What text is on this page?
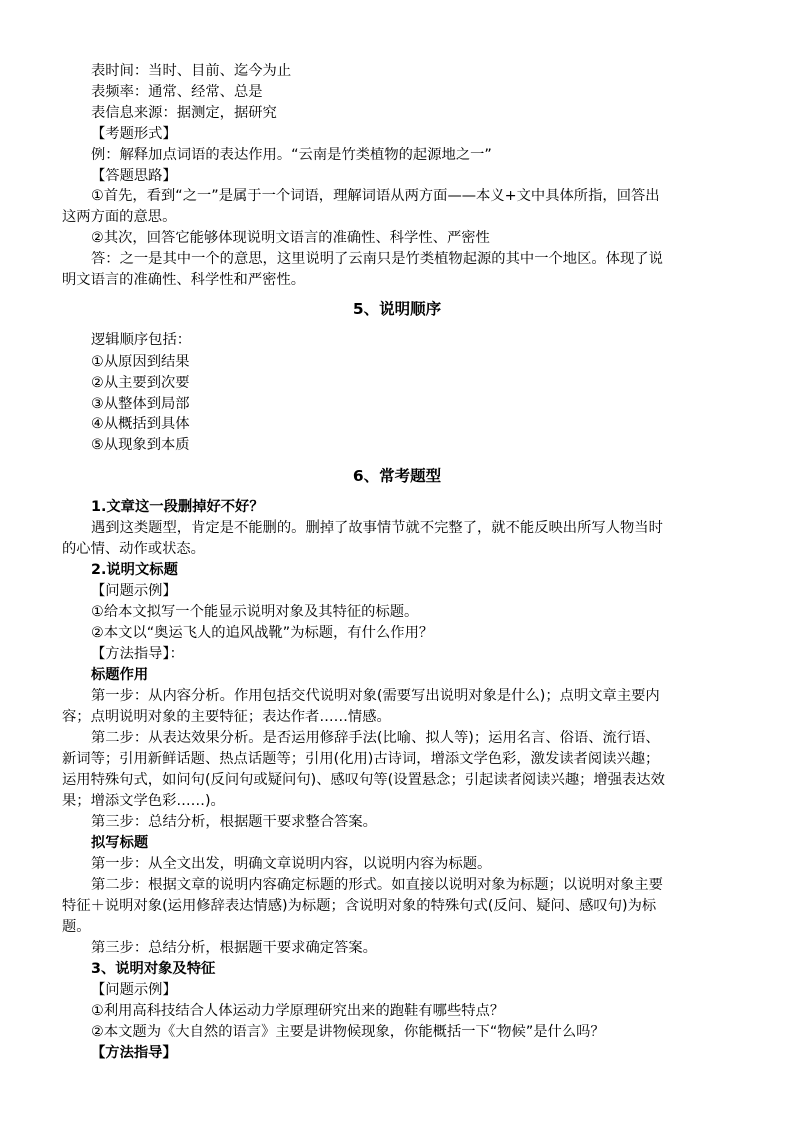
表时间：当时、目前、迄今为止
表频率：通常、经常、总是
表信息来源：据测定，据研究
【考题形式】
例：解释加点词语的表达作用。“云南是竹类植物的起源地之一”
【答题思路】
①首先，看到“之一”是属于一个词语，理解词语从两方面——本义+文中具体所指，回答出
这两方面的意思。
②其次，回答它能够体现说明文语言的准确性、科学性、严密性
答：之一是其中一个的意思，这里说明了云南只是竹类植物起源的其中一个地区。体现了说
明文语言的准确性、科学性和严密性。
5、说明顺序
逻辑顺序包括：
①从原因到结果
②从主要到次要
③从整体到局部
④从概括到具体
⑤从现象到本质
6、常考题型
1.文章这一段删掉好不好？
遇到这类题型，肯定是不能删的。删掉了故事情节就不完整了，就不能反映出所写人物当时
的心情、动作或状态。
2.说明文标题
【问题示例】
①给本文拟写一个能显示说明对象及其特征的标题。
②本文以“奥运飞人的追风战靴”为标题，有什么作用？
【方法指导】：
标题作用
第一步：从内容分析。作用包括交代说明对象(需要写出说明对象是什么)；点明文章主要内
容；点明说明对象的主要特征；表达作者……情感。
第二步：从表达效果分析。是否运用修辞手法(比喻、拟人等)；运用名言、俗语、流行语、
新词等；引用新鲜话题、热点话题等；引用(化用)古诗词，增添文学色彩，激发读者阅读兴趣；
运用特殊句式，如问句(反问句或疑问句)、感叹句等(设置悬念；引起读者阅读兴趣；增强表达效
果；增添文学色彩……)。
第三步：总结分析，根据题干要求整合答案。
拟写标题
第一步：从全文出发，明确文章说明内容，以说明内容为标题。
第二步：根据文章的说明内容确定标题的形式。如直接以说明对象为标题；以说明对象主要
特征＋说明对象(运用修辞表达情感)为标题；含说明对象的特殊句式(反问、疑问、感叹句)为标
题。
第三步：总结分析，根据题干要求确定答案。
3、说明对象及特征
【问题示例】
①利用高科技结合人体运动力学原理研究出来的跑鞋有哪些特点？
②本文题为《大自然的语言》主要是讲物候现象，你能概括一下“物候”是什么吗？
【方法指导】
